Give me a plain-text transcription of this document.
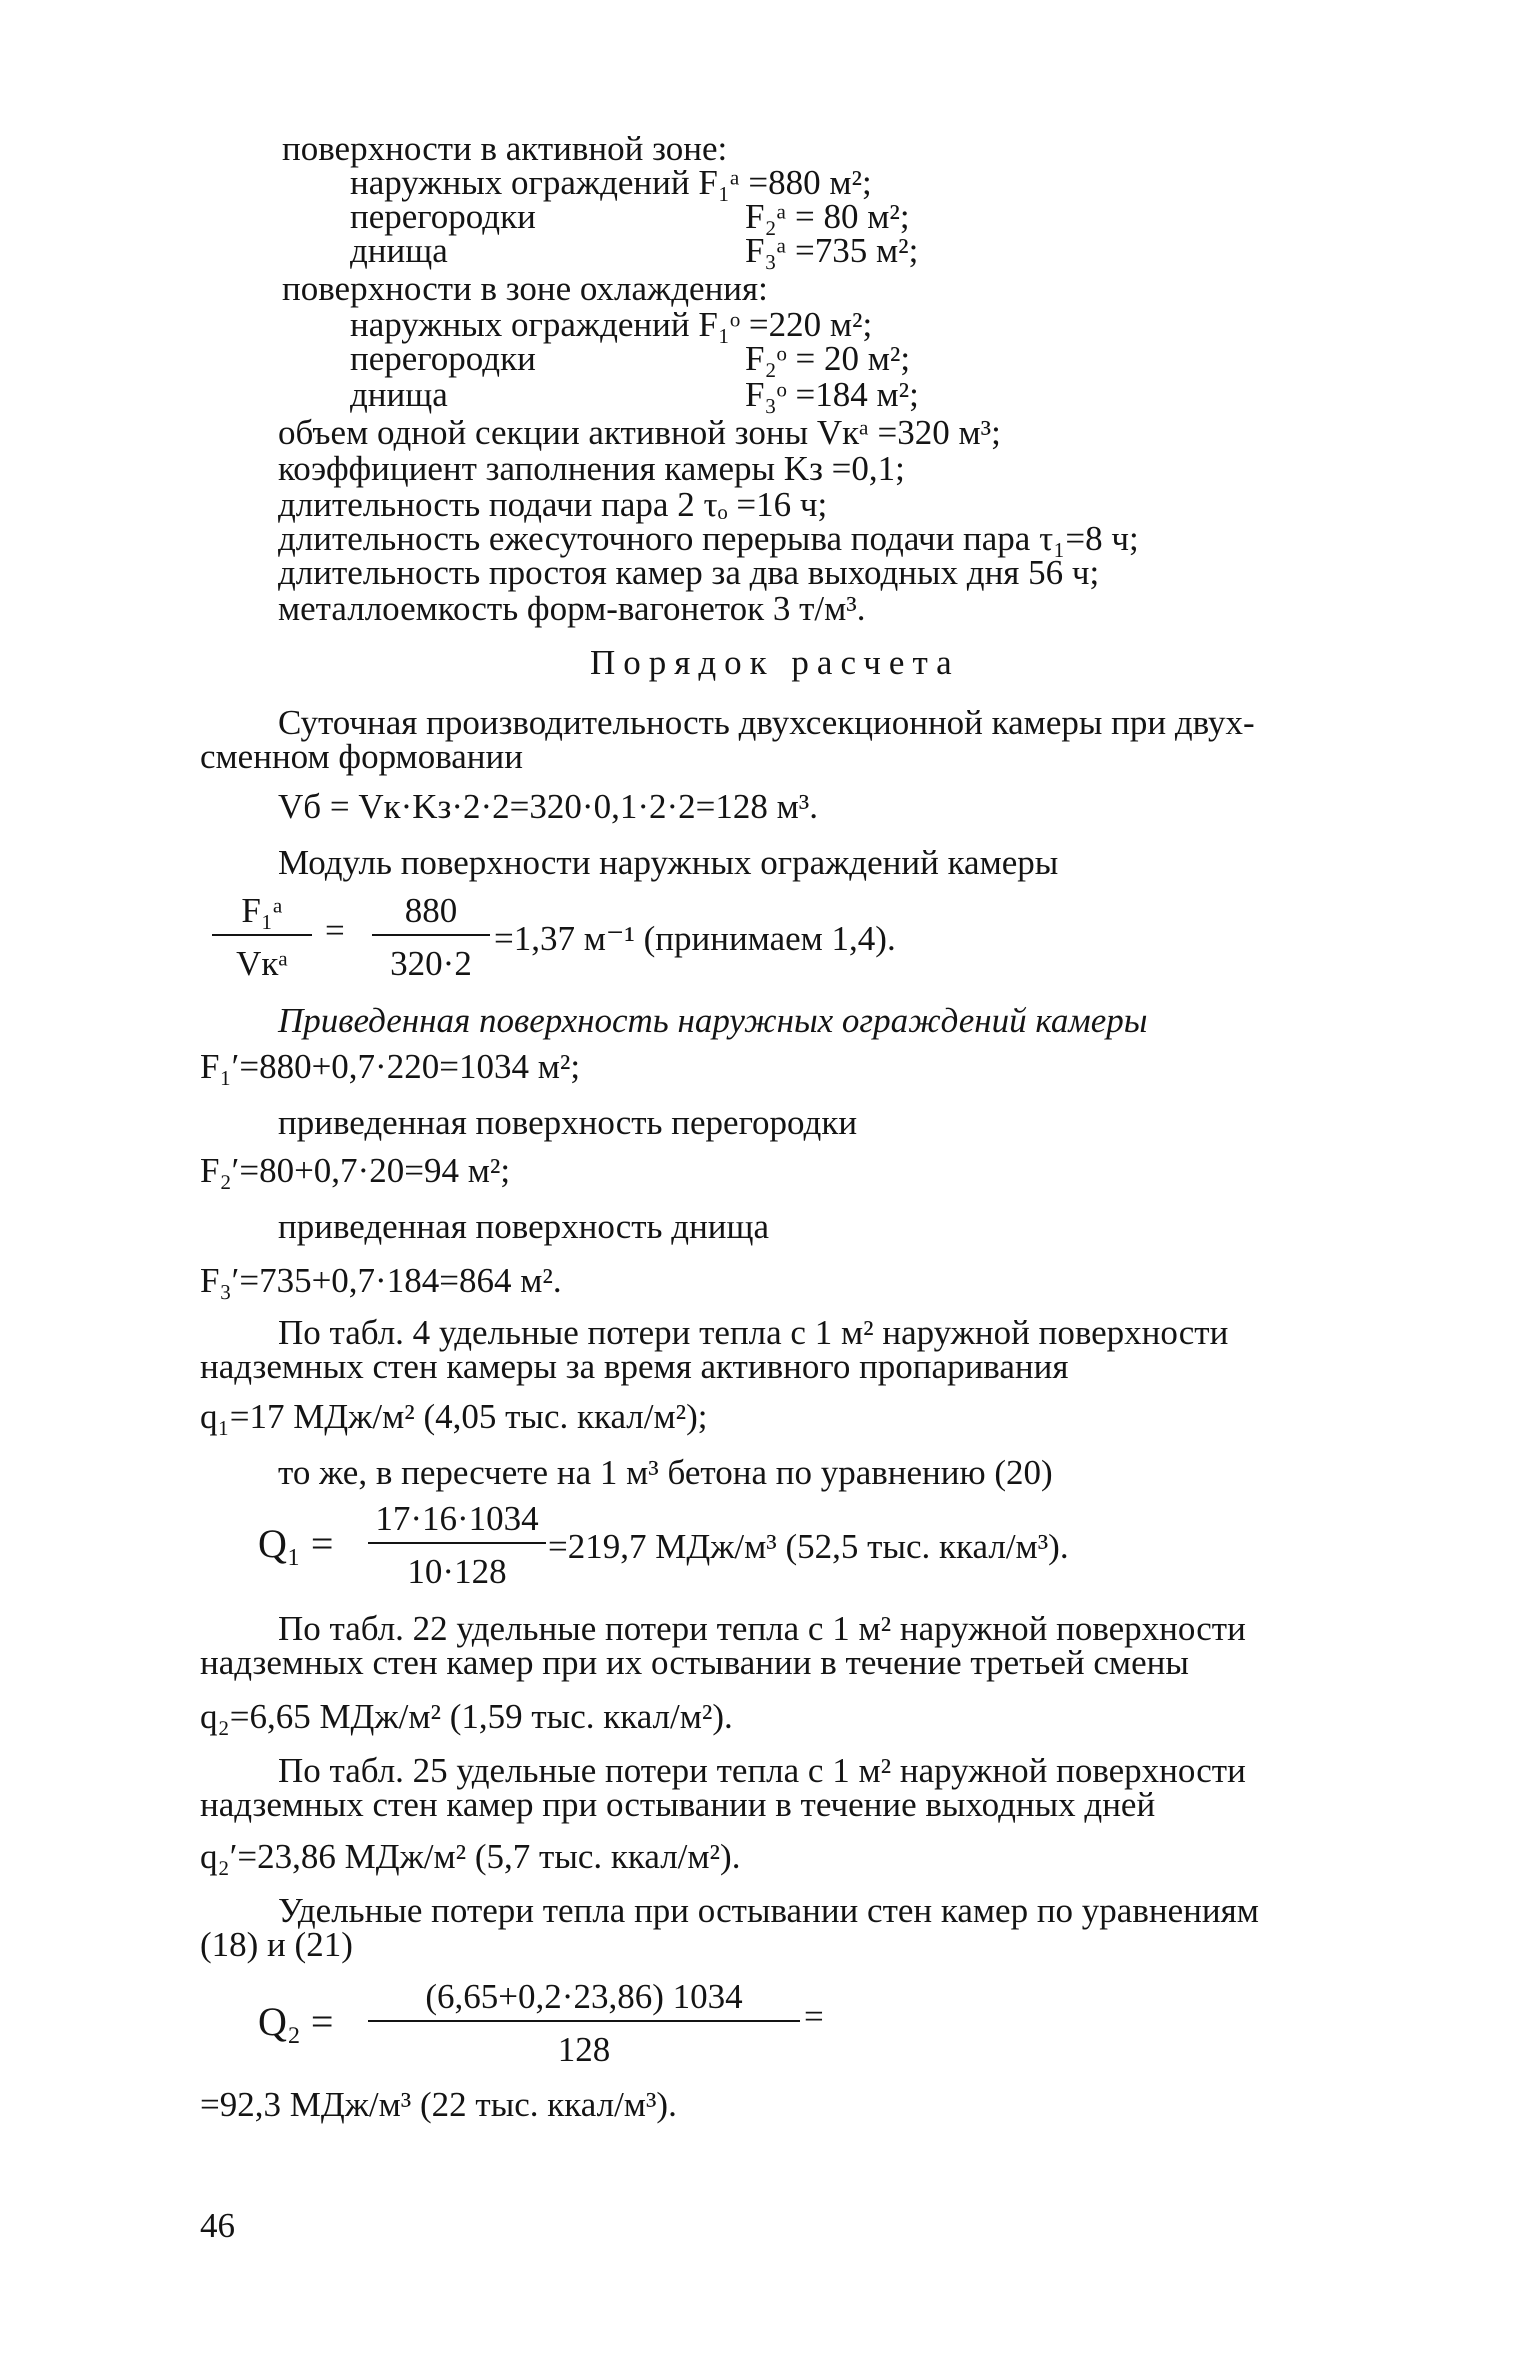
поверхности в активной зоне:

наружных ограждений F₁ᵃ =880 м²;

перегородки	F₂ᵃ = 80 м²;

днища	F₃ᵃ =735 м²;

поверхности в зоне охлаждения:

наружных ограждений F₁ᵒ =220 м²;

перегородки	F₂ᵒ = 20 м²;

днища	F₃ᵒ =184 м²;

объем одной секции активной зоны Vкᵃ =320 м³;

коэффициент заполнения камеры Kз =0,1;

длительность подачи пара 2 τₒ =16 ч;

длительность ежесуточного перерыва подачи пара τ₁=8 ч;

длительность простоя камер за два выходных дня 56 ч;

металлоемкость форм-вагонеток 3 т/м³.

Порядок расчета

Суточная производительность двухсекционной камеры при двух-

сменном формовании

Vб = Vк·Kз·2·2=320·0,1·2·2=128 м³.

Модуль поверхности наружных ограждений камеры

F₁ᵃ
Vкᵃ
=
880
320·2
=1,37 м⁻¹ (принимаем 1,4).

Приведенная поверхность наружных ограждений камеры

F₁′=880+0,7·220=1034 м²;

приведенная поверхность перегородки

F₂′=80+0,7·20=94 м²;

приведенная поверхность днища

F₃′=735+0,7·184=864 м².

По табл. 4 удельные потери тепла с 1 м² наружной поверхности

надземных стен камеры за время активного пропаривания

q₁=17 МДж/м² (4,05 тыс. ккал/м²);

то же, в пересчете на 1 м³ бетона по уравнению (20)

Q₁ =
17·16·1034
10·128
=219,7 МДж/м³ (52,5 тыс. ккал/м³).

По табл. 22 удельные потери тепла с 1 м² наружной поверхности

надземных стен камер при их остывании в течение третьей смены

q₂=6,65 МДж/м² (1,59 тыс. ккал/м²).

По табл. 25 удельные потери тепла с 1 м² наружной поверхности

надземных стен камер при остывании в течение выходных дней

q₂′=23,86 МДж/м² (5,7 тыс. ккал/м²).

Удельные потери тепла при остывании стен камер по уравнениям

(18) и (21)

Q₂ =
(6,65+0,2·23,86) 1034
128
=

=92,3 МДж/м³ (22 тыс. ккал/м³).

46
